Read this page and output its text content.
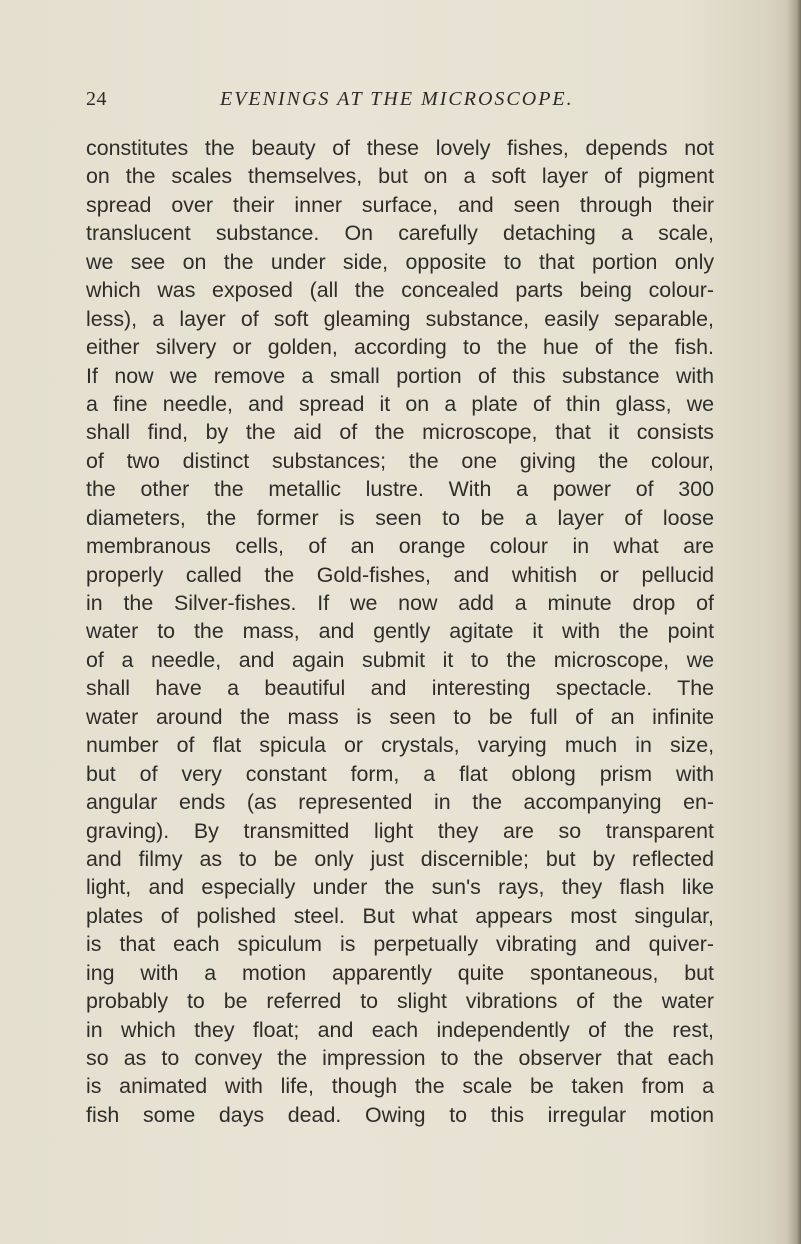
24	EVENINGS AT THE MICROSCOPE.
constitutes the beauty of these lovely fishes, depends not
on the scales themselves, but on a soft layer of pigment
spread over their inner surface, and seen through their
translucent substance. On carefully detaching a scale,
we see on the under side, opposite to that portion only
which was exposed (all the concealed parts being colour-
less), a layer of soft gleaming substance, easily separable,
either silvery or golden, according to the hue of the fish.
If now we remove a small portion of this substance with
a fine needle, and spread it on a plate of thin glass, we
shall find, by the aid of the microscope, that it consists
of two distinct substances; the one giving the colour,
the other the metallic lustre. With a power of 300
diameters, the former is seen to be a layer of loose
membranous cells, of an orange colour in what are
properly called the Gold-fishes, and whitish or pellucid
in the Silver-fishes. If we now add a minute drop of
water to the mass, and gently agitate it with the point
of a needle, and again submit it to the microscope, we
shall have a beautiful and interesting spectacle. The
water around the mass is seen to be full of an infinite
number of flat spicula or crystals, varying much in size,
but of very constant form, a flat oblong prism with
angular ends (as represented in the accompanying en-
graving). By transmitted light they are so transparent
and filmy as to be only just discernible; but by reflected
light, and especially under the sun's rays, they flash like
plates of polished steel. But what appears most singular,
is that each spiculum is perpetually vibrating and quiver-
ing with a motion apparently quite spontaneous, but
probably to be referred to slight vibrations of the water
in which they float; and each independently of the rest,
so as to convey the impression to the observer that each
is animated with life, though the scale be taken from a
fish some days dead. Owing to this irregular motion
